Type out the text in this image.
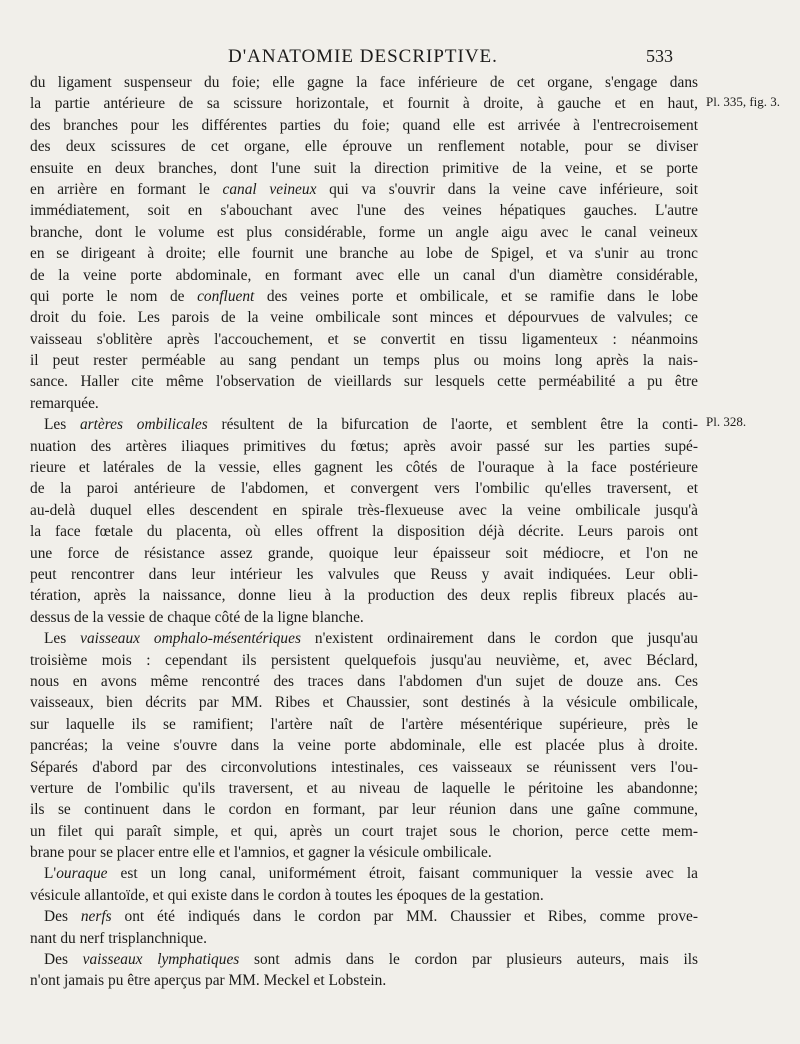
D'ANATOMIE DESCRIPTIVE.	533
Pl. 335, fig. 3.
Pl. 328.
du ligament suspenseur du foie; elle gagne la face inférieure de cet organe, s'engage dans
la partie antérieure de sa scissure horizontale, et fournit à droite, à gauche et en haut,
des branches pour les différentes parties du foie; quand elle est arrivée à l'entrecroisement
des deux scissures de cet organe, elle éprouve un renflement notable, pour se diviser
ensuite en deux branches, dont l'une suit la direction primitive de la veine, et se porte
en arrière en formant le canal veineux qui va s'ouvrir dans la veine cave inférieure, soit
immédiatement, soit en s'abouchant avec l'une des veines hépatiques gauches. L'autre
branche, dont le volume est plus considérable, forme un angle aigu avec le canal veineux
en se dirigeant à droite; elle fournit une branche au lobe de Spigel, et va s'unir au tronc
de la veine porte abdominale, en formant avec elle un canal d'un diamètre considérable,
qui porte le nom de confluent des veines porte et ombilicale, et se ramifie dans le lobe
droit du foie. Les parois de la veine ombilicale sont minces et dépourvues de valvules; ce
vaisseau s'oblitère après l'accouchement, et se convertit en tissu ligamenteux : néanmoins
il peut rester perméable au sang pendant un temps plus ou moins long après la nais-
sance. Haller cite même l'observation de vieillards sur lesquels cette perméabilité a pu être
remarquée.
Les artères ombilicales résultent de la bifurcation de l'aorte, et semblent être la conti-
nuation des artères iliaques primitives du fœtus; après avoir passé sur les parties supé-
rieure et latérales de la vessie, elles gagnent les côtés de l'ouraque à la face postérieure
de la paroi antérieure de l'abdomen, et convergent vers l'ombilic qu'elles traversent, et
au-delà duquel elles descendent en spirale très-flexueuse avec la veine ombilicale jusqu'à
la face fœtale du placenta, où elles offrent la disposition déjà décrite. Leurs parois ont
une force de résistance assez grande, quoique leur épaisseur soit médiocre, et l'on ne
peut rencontrer dans leur intérieur les valvules que Reuss y avait indiquées. Leur obli-
tération, après la naissance, donne lieu à la production des deux replis fibreux placés au-
dessus de la vessie de chaque côté de la ligne blanche.
Les vaisseaux omphalo-mésentériques n'existent ordinairement dans le cordon que jusqu'au
troisième mois : cependant ils persistent quelquefois jusqu'au neuvième, et, avec Béclard,
nous en avons même rencontré des traces dans l'abdomen d'un sujet de douze ans. Ces
vaisseaux, bien décrits par MM. Ribes et Chaussier, sont destinés à la vésicule ombilicale,
sur laquelle ils se ramifient; l'artère naît de l'artère mésentérique supérieure, près le
pancréas; la veine s'ouvre dans la veine porte abdominale, elle est placée plus à droite.
Séparés d'abord par des circonvolutions intestinales, ces vaisseaux se réunissent vers l'ou-
verture de l'ombilic qu'ils traversent, et au niveau de laquelle le péritoine les abandonne;
ils se continuent dans le cordon en formant, par leur réunion dans une gaîne commune,
un filet qui paraît simple, et qui, après un court trajet sous le chorion, perce cette mem-
brane pour se placer entre elle et l'amnios, et gagner la vésicule ombilicale.
L'ouraque est un long canal, uniformément étroit, faisant communiquer la vessie avec la
vésicule allantoïde, et qui existe dans le cordon à toutes les époques de la gestation.
Des nerfs ont été indiqués dans le cordon par MM. Chaussier et Ribes, comme prove-
nant du nerf trisplanchnique.
Des vaisseaux lymphatiques sont admis dans le cordon par plusieurs auteurs, mais ils
n'ont jamais pu être aperçus par MM. Meckel et Lobstein.
